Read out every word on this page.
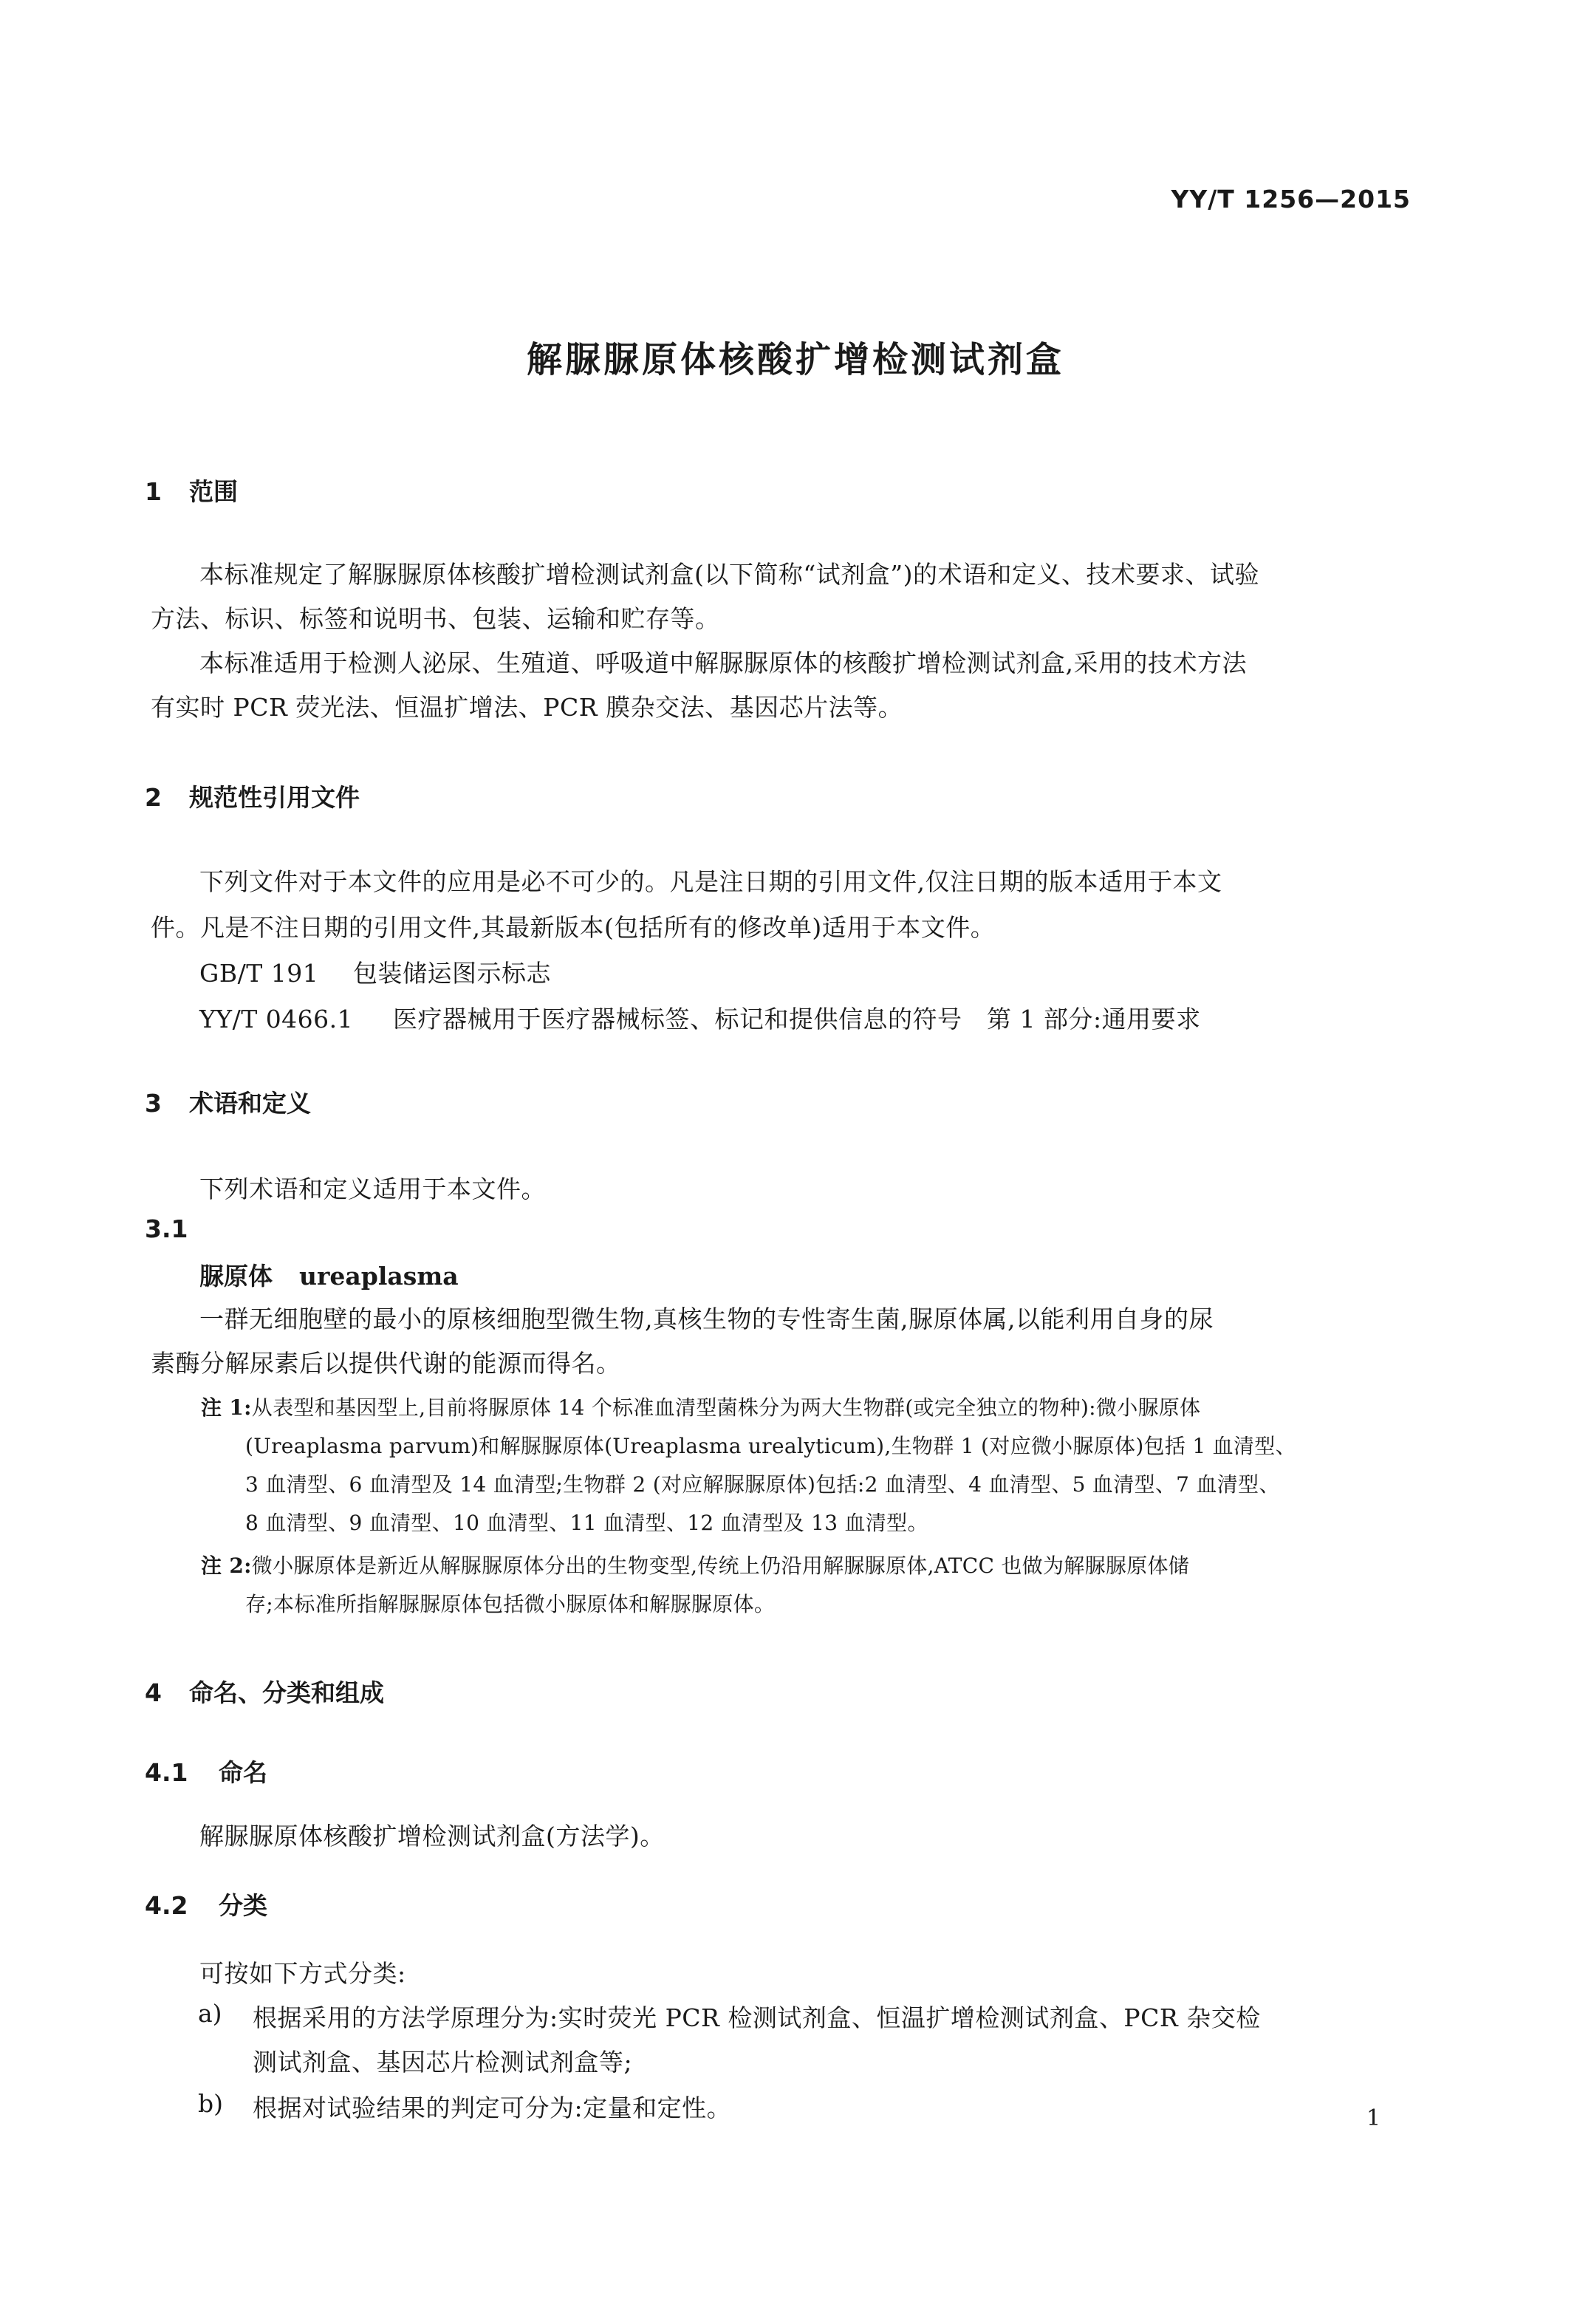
YY/T 1256—2015
解脲脲原体核酸扩增检测试剂盒
1 范围
本标准规定了解脲脲原体核酸扩增检测试剂盒(以下简称“试剂盒”)的术语和定义、技术要求、试验
方法、标识、标签和说明书、包装、运输和贮存等。
本标准适用于检测人泌尿、生殖道、呼吸道中解脲脲原体的核酸扩增检测试剂盒,采用的技术方法
有实时 PCR 荧光法、恒温扩增法、PCR 膜杂交法、基因芯片法等。
2 规范性引用文件
下列文件对于本文件的应用是必不可少的。凡是注日期的引用文件,仅注日期的版本适用于本文
件。凡是不注日期的引用文件,其最新版本(包括所有的修改单)适用于本文件。
GB/T 191 包装储运图示标志
YY/T 0466.1 医疗器械用于医疗器械标签、标记和提供信息的符号　第 1 部分:通用要求
3 术语和定义
下列术语和定义适用于本文件。
3.1
脲原体 ureaplasma
一群无细胞壁的最小的原核细胞型微生物,真核生物的专性寄生菌,脲原体属,以能利用自身的尿
素酶分解尿素后以提供代谢的能源而得名。
注 1:从表型和基因型上,目前将脲原体 14 个标准血清型菌株分为两大生物群(或完全独立的物种):微小脲原体
(Ureaplasma parvum)和解脲脲原体(Ureaplasma urealyticum),生物群 1 (对应微小脲原体)包括 1 血清型、
3 血清型、6 血清型及 14 血清型;生物群 2 (对应解脲脲原体)包括:2 血清型、4 血清型、5 血清型、7 血清型、
8 血清型、9 血清型、10 血清型、11 血清型、12 血清型及 13 血清型。
注 2:微小脲原体是新近从解脲脲原体分出的生物变型,传统上仍沿用解脲脲原体,ATCC 也做为解脲脲原体储
存;本标准所指解脲脲原体包括微小脲原体和解脲脲原体。
4 命名、分类和组成
4.1 命名
解脲脲原体核酸扩增检测试剂盒(方法学)。
4.2 分类
可按如下方式分类:
a) 根据采用的方法学原理分为:实时荧光 PCR 检测试剂盒、恒温扩增检测试剂盒、PCR 杂交检
测试剂盒、基因芯片检测试剂盒等;
b) 根据对试验结果的判定可分为:定量和定性。	1
